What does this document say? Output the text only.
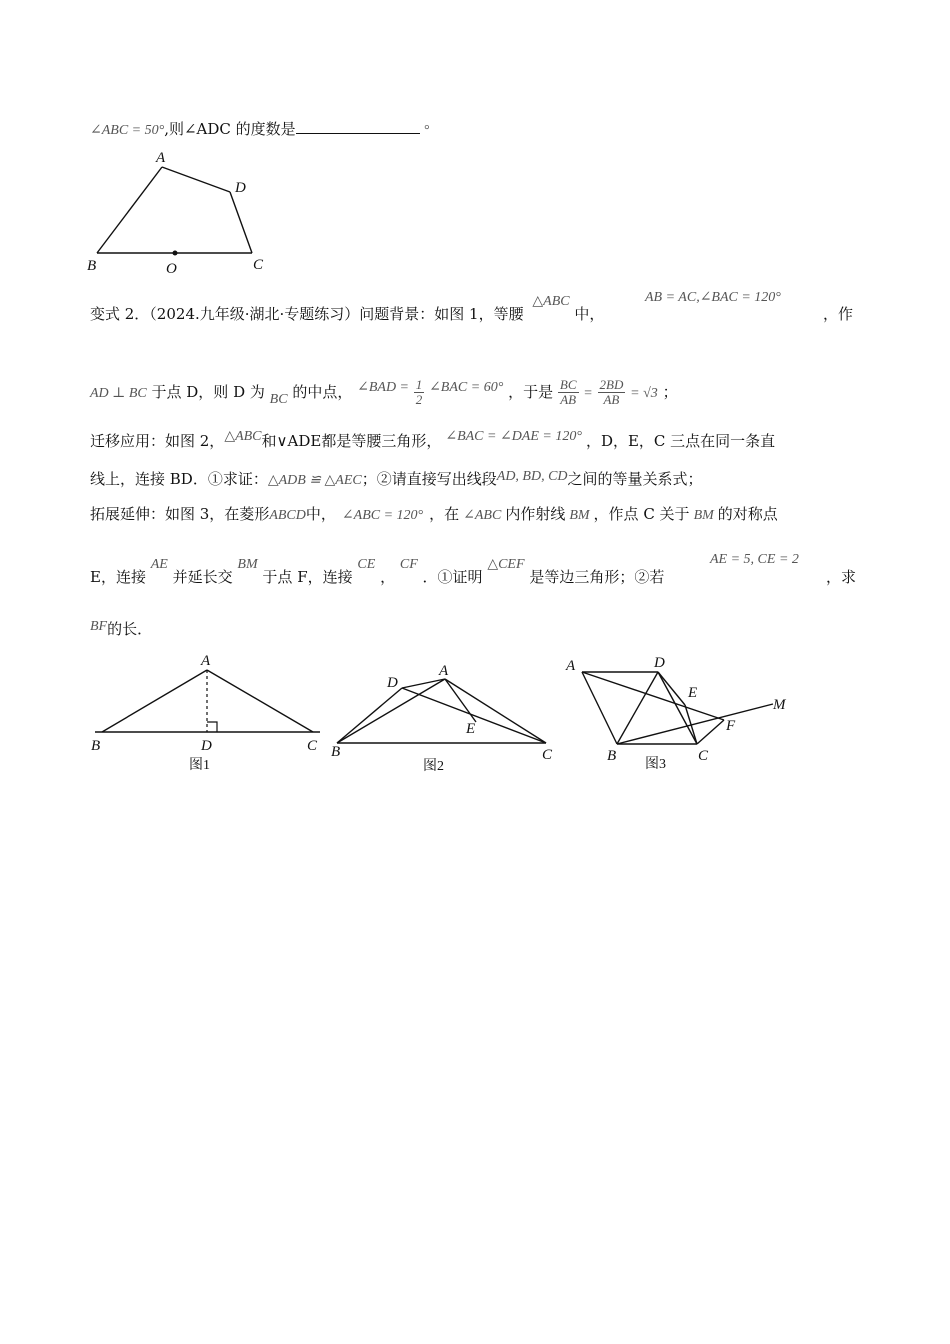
∠ABC = 50°,则∠ADC 的度数是	°
A
D
B	O	C
变式 2．（2024.九年级·湖北·专题练习）问题背景：如图 1，等腰 △ABC 中，
AB = AC,∠BAC = 120°
，作
AD ⊥ BC 于点 D，则 D 为 BC 的中点， ∠BAD = $\frac{1}{2}$ ∠BAC = 60° ，于是 $\frac{BC}{AB} = \frac{2BD}{AB} = √3$ ；
迁移应用：如图 2，△ABC和∨ADE都是等腰三角形， ∠BAC = ∠DAE = 120° ，D，E，C 三点在同一条直
线上，连接 BD．①求证：△ADB ≌ △AEC；②请直接写出线段AD, BD, CD之间的等量关系式；
拓展延伸：如图 3，在菱形ABCD中， ∠ABC = 120° ，在 ∠ABC 内作射线 BM ，作点 C 关于 BM 的对称点
E，连接 AE 并延长交 BM 于点 F，连接 CE ， CF ．①证明 △CEF 是等边三角形；②若
AE = 5, CE = 2
，求
BF的长．
A
B	D	C
图1
D
A
E
B	C
图2
A	D
E
F
M
B	C
图3
